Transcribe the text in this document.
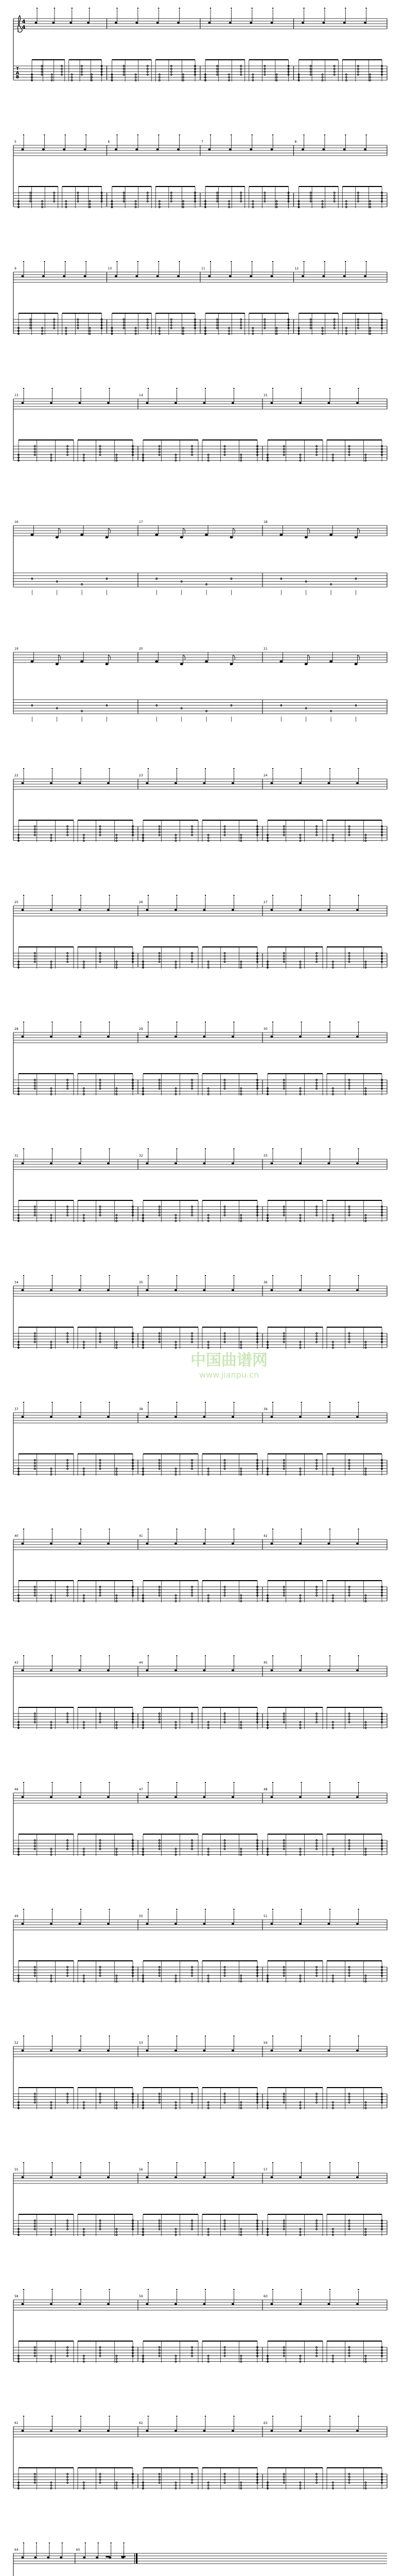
4
4
T
A
B	0
0
0
0
0
0
0	0
0
0
0
0
0
0	0
0
0
0
0
0
0	0
0
0
0
0
0
0	0
0
0
0
0
0
0	0
0
0
0
0
0
0	0
0
0
0
0
0
0	0
0
0
0
0
0
0	0
0
0
0
0
0
0	0
0
0
0
0
0
0	0
0
0
0
0
0
0	0
0
0
0
0
0
0	0
0
0
0
0
0
0	0
0
0
0
0
0
0	0
0
0
0
0
0
0	0
0
0
0
0
0
0
5
0
0
0
0
0
0
0	0
0
0
0
0
0
0	0
0
0
0
0
0
0	0
0
0
0
0
0
0
6
0
0
0
0
0
0
0	0
0
0
0
0
0
0	0
0
0
0
0
0
0	0
0
0
0
0
0
0
7
0
0
0
0
0
0
0	0
0
0
0
0
0
0	0
0
0
0
0
0
0	0
0
0
0
0
0
0
8
0
0
0
0
0
0
0	0
0
0
0
0
0
0	0
0
0
0
0
0
0	0
0
0
0
0
0
0
9
0
0
0
0
0
0
0	0
0
0
0
0
0
0	0
0
0
0
0
0
0	0
0
0
0
0
0
0
10
0
0
0
0
0
0
0	0
0
0
0
0
0
0	0
0
0
0
0
0
0	0
0
0
0
0
0
0
11
0
0
0
0
0
0
0	0
0
0
0
0
0
0	0
0
0
0
0
0
0	0
0
0
0
0
0
0
12
0
0
0
0
0
0
0	0
0
0
0
0
0
0	0
0
0
0
0
0
0	0
0
0
0
0
0
0
13
0
0
0
0
0
0
0	0
0
0
0
0
0
0	0
0
0
0
0
0
0	0
0
0
0
0
0
0
14
0
0
0
0
0
0
0	0
0
0
0
0
0
0	0
0
0
0
0
0
0	0
0
0
0
0
0
0
15
0
0
0
0
0
0
0	0
0
0
0
0
0
0	0
0
0
0
0
0
0	0
0
0
0
0
0
0
16
0
0
0
0
17
0
0
0
0
18
0
0
0
0
19
0
0
0
0
20
0
0
0
0
21
0
0
0
0
22
0
0
0
0
0
0
0	0
0
0
0
0
0
0	0
0
0
0
0
0
0	0
0
0
0
0
0
0
23
0
0
0
0
0
0
0	0
0
0
0
0
0
0	0
0
0
0
0
0
0	0
0
0
0
0
0
0
24
0
0
0
0
0
0
0	0
0
0
0
0
0
0	0
0
0
0
0
0
0	0
0
0
0
0
0
0
25
0
0
0
0
0
0
0	0
0
0
0
0
0
0	0
0
0
0
0
0
0	0
0
0
0
0
0
0
26
0
0
0
0
0
0
0	0
0
0
0
0
0
0	0
0
0
0
0
0
0	0
0
0
0
0
0
0
27
0
0
0
0
0
0
0	0
0
0
0
0
0
0	0
0
0
0
0
0
0	0
0
0
0
0
0
0
28
0
0
0
0
0
0
0	0
0
0
0
0
0
0	0
0
0
0
0
0
0	0
0
0
0
0
0
0
29
0
0
0
0
0
0
0	0
0
0
0
0
0
0	0
0
0
0
0
0
0	0
0
0
0
0
0
0
30
0
0
0
0
0
0
0	0
0
0
0
0
0
0	0
0
0
0
0
0
0	0
0
0
0
0
0
0
31
0
0
0
0
0
0
0	0
0
0
0
0
0
0	0
0
0
0
0
0
0	0
0
0
0
0
0
0
32
0
0
0
0
0
0
0	0
0
0
0
0
0
0	0
0
0
0
0
0
0	0
0
0
0
0
0
0
33
0
0
0
0
0
0
0	0
0
0
0
0
0
0	0
0
0
0
0
0
0	0
0
0
0
0
0
0
34
0
0
0
0
0
0
0	0
0
0
0
0
0
0	0
0
0
0
0
0
0	0
0
0
0
0
0
0
35
0
0
0
0
0
0
0	0
0
0
0
0
0
0	0
0
0
0
0
0
0	0
0
0
0
0
0
0
36
0
0
0
0
0
0
0	0
0
0
0
0
0
0	0
0
0
0
0
0
0	0
0
0
0
0
0
0
37
0
0
0
0
0
0
0	0
0
0
0
0
0
0	0
0
0
0
0
0
0	0
0
0
0
0
0
0
38
0
0
0
0
0
0
0	0
0
0
0
0
0
0	0
0
0
0
0
0
0	0
0
0
0
0
0
0
39
0
0
0
0
0
0
0	0
0
0
0
0
0
0	0
0
0
0
0
0
0	0
0
0
0
0
0
0
40
0
0
0
0
0
0
0	0
0
0
0
0
0
0	0
0
0
0
0
0
0	0
0
0
0
0
0
0
41
0
0
0
0
0
0
0	0
0
0
0
0
0
0	0
0
0
0
0
0
0	0
0
0
0
0
0
0
42
0
0
0
0
0
0
0	0
0
0
0
0
0
0	0
0
0
0
0
0
0	0
0
0
0
0
0
0
43
0
0
0
0
0
0
0	0
0
0
0
0
0
0	0
0
0
0
0
0
0	0
0
0
0
0
0
0
44
0
0
0
0
0
0
0	0
0
0
0
0
0
0	0
0
0
0
0
0
0	0
0
0
0
0
0
0
45
0
0
0
0
0
0
0	0
0
0
0
0
0
0	0
0
0
0
0
0
0	0
0
0
0
0
0
0
46
0
0
0
0
0
0
0	0
0
0
0
0
0
0	0
0
0
0
0
0
0	0
0
0
0
0
0
0
47
0
0
0
0
0
0
0	0
0
0
0
0
0
0	0
0
0
0
0
0
0	0
0
0
0
0
0
0
48
0
0
0
0
0
0
0	0
0
0
0
0
0
0	0
0
0
0
0
0
0	0
0
0
0
0
0
0
49
0
0
0
0
0
0
0	0
0
0
0
0
0
0	0
0
0
0
0
0
0	0
0
0
0
0
0
0
50
0
0
0
0
0
0
0	0
0
0
0
0
0
0	0
0
0
0
0
0
0	0
0
0
0
0
0
0
51
0
0
0
0
0
0
0	0
0
0
0
0
0
0	0
0
0
0
0
0
0	0
0
0
0
0
0
0
52
0
0
0
0
0
0
0	0
0
0
0
0
0
0	0
0
0
0
0
0
0	0
0
0
0
0
0
0
53
0
0
0
0
0
0
0	0
0
0
0
0
0
0	0
0
0
0
0
0
0	0
0
0
0
0
0
0
54
0
0
0
0
0
0
0	0
0
0
0
0
0
0	0
0
0
0
0
0
0	0
0
0
0
0
0
0
55
0
0
0
0
0
0
0	0
0
0
0
0
0
0	0
0
0
0
0
0
0	0
0
0
0
0
0
0
56
0
0
0
0
0
0
0	0
0
0
0
0
0
0	0
0
0
0
0
0
0	0
0
0
0
0
0
0
57
0
0
0
0
0
0
0	0
0
0
0
0
0
0	0
0
0
0
0
0
0	0
0
0
0
0
0
0
58
0
0
0
0
0
0
0	0
0
0
0
0
0
0	0
0
0
0
0
0
0	0
0
0
0
0
0
0
59
0
0
0
0
0
0
0	0
0
0
0
0
0
0	0
0
0
0
0
0
0	0
0
0
0
0
0
0
60
0
0
0
0
0
0
0	0
0
0
0
0
0
0	0
0
0
0
0
0
0	0
0
0
0
0
0
0
61
0
0
0
0
0
0
0	0
0
0
0
0
0
0	0
0
0
0
0
0
0	0
0
0
0
0
0
0
62
0
0
0
0
0
0
0	0
0
0
0
0
0
0	0
0
0
0
0
0
0	0
0
0
0
0
0
0
63
0
0
0
0
0
0
0	0
0
0
0
0
0
0	0
0
0
0
0
0
0	0
0
0
0
0
0
0
64	65
中国曲谱网
www.jianpu.cn
